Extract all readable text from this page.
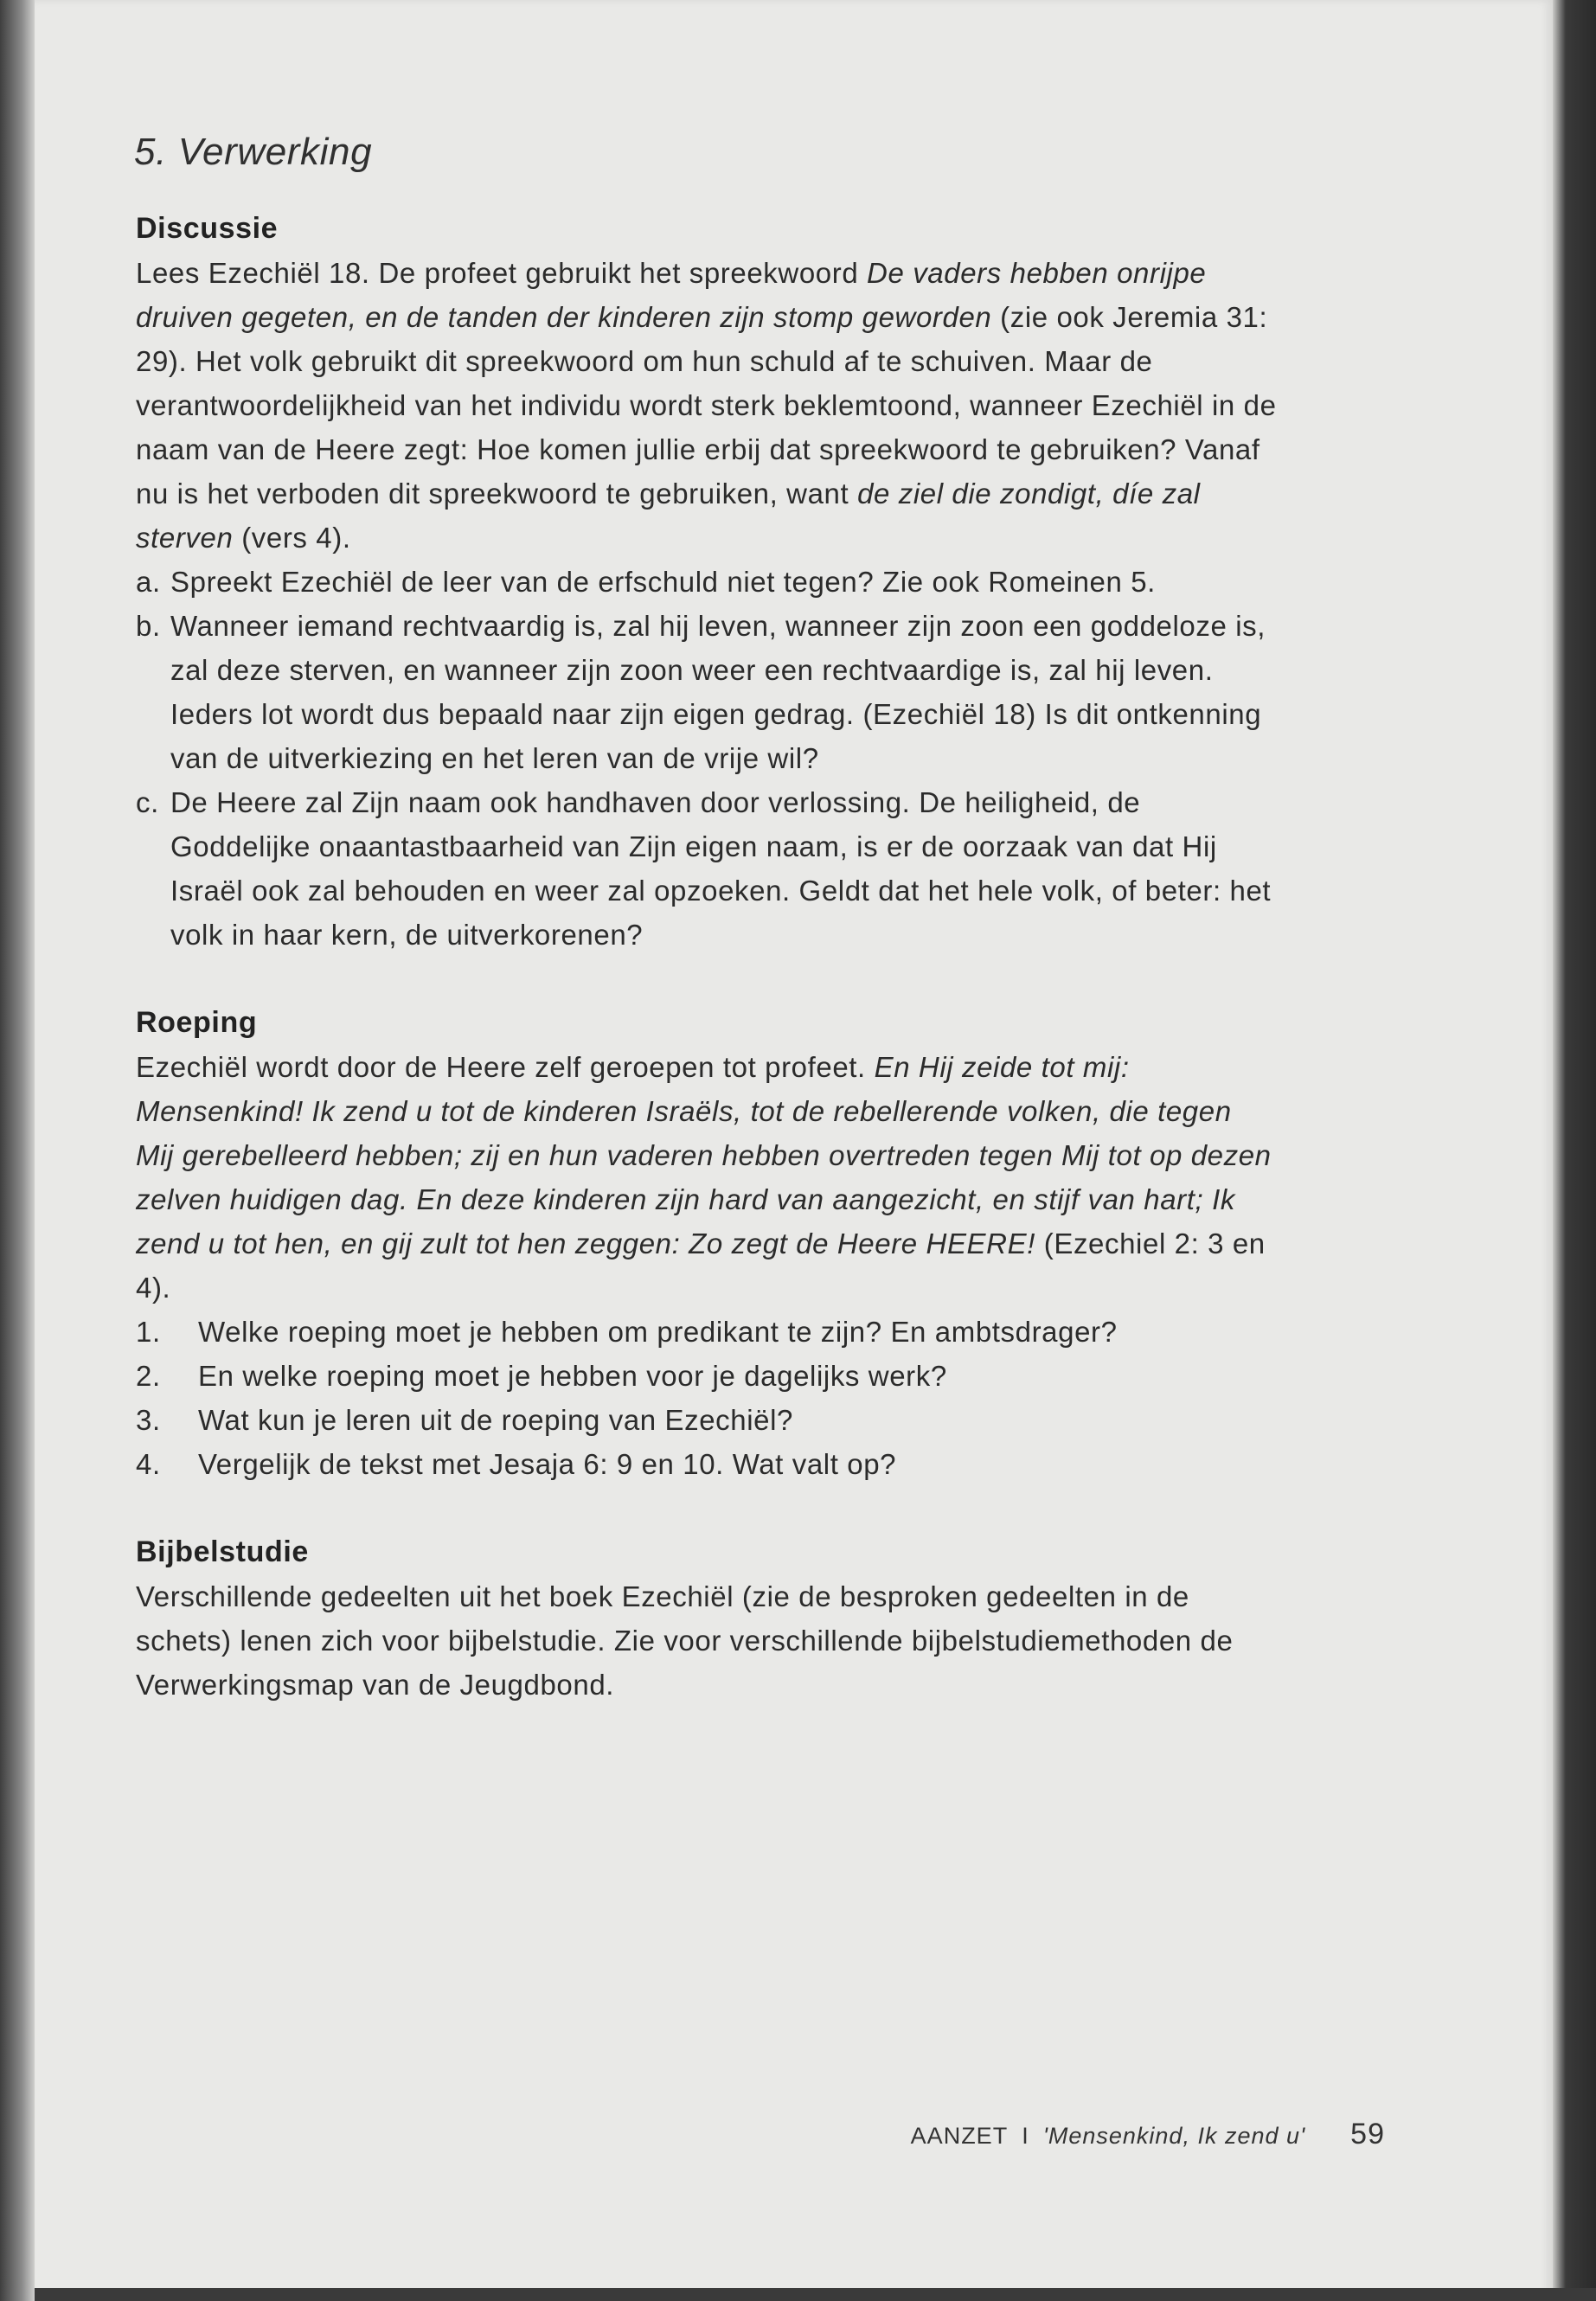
5. Verwerking
Discussie

Lees Ezechiël 18. De profeet gebruikt het spreekwoord De vaders hebben onrijpe druiven gegeten, en de tanden der kinderen zijn stomp geworden (zie ook Jeremia 31: 29). Het volk gebruikt dit spreekwoord om hun schuld af te schuiven. Maar de verantwoordelijkheid van het individu wordt sterk beklemtoond, wanneer Ezechiël in de naam van de Heere zegt: Hoe komen jullie erbij dat spreekwoord te gebruiken? Vanaf nu is het verboden dit spreekwoord te gebruiken, want de ziel die zondigt, díe zal sterven (vers 4).

a. Spreekt Ezechiël de leer van de erfschuld niet tegen? Zie ook Romeinen 5.
b. Wanneer iemand rechtvaardig is, zal hij leven, wanneer zijn zoon een goddeloze is, zal deze sterven, en wanneer zijn zoon weer een rechtvaardige is, zal hij leven. Ieders lot wordt dus bepaald naar zijn eigen gedrag. (Ezechiël 18) Is dit ontkenning van de uitverkiezing en het leren van de vrije wil?
c. De Heere zal Zijn naam ook handhaven door verlossing. De heiligheid, de Goddelijke onaantastbaarheid van Zijn eigen naam, is er de oorzaak van dat Hij Israël ook zal behouden en weer zal opzoeken. Geldt dat het hele volk, of beter: het volk in haar kern, de uitverkorenen?
Roeping

Ezechiël wordt door de Heere zelf geroepen tot profeet. En Hij zeide tot mij: Mensenkind! Ik zend u tot de kinderen Israëls, tot de rebellerende volken, die tegen Mij gerebelleerd hebben; zij en hun vaderen hebben overtreden tegen Mij tot op dezen zelven huidigen dag. En deze kinderen zijn hard van aangezicht, en stijf van hart; Ik zend u tot hen, en gij zult tot hen zeggen: Zo zegt de Heere HEERE! (Ezechiel 2: 3 en 4).

1.	Welke roeping moet je hebben om predikant te zijn? En ambtsdrager?
2.	En welke roeping moet je hebben voor je dagelijks werk?
3.	Wat kun je leren uit de roeping van Ezechiël?
4.	Vergelijk de tekst met Jesaja 6: 9 en 10. Wat valt op?
Bijbelstudie

Verschillende gedeelten uit het boek Ezechiël (zie de besproken gedeelten in de schets) lenen zich voor bijbelstudie. Zie voor verschillende bijbelstudiemethoden de Verwerkingsmap van de Jeugdbond.

AANZET I 'Mensenkind, Ik zend u' 59
